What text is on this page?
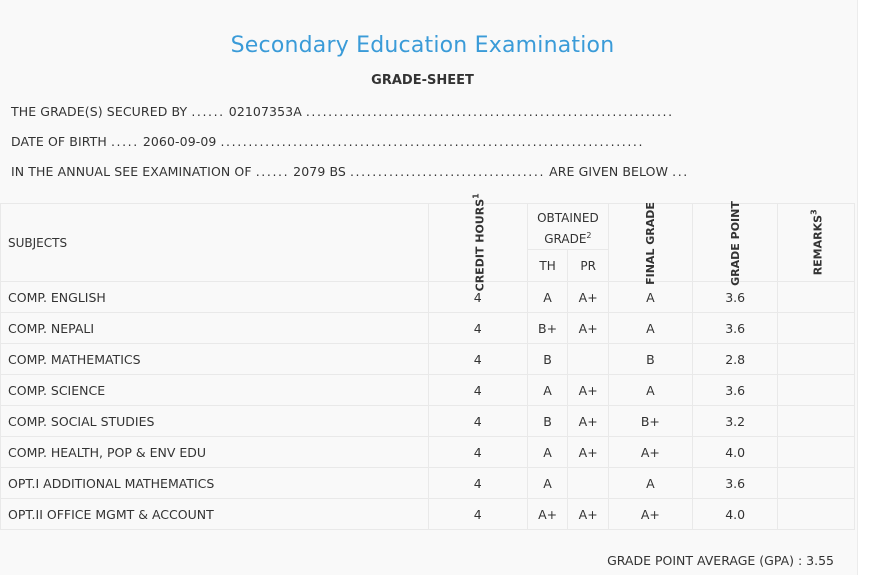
Secondary Education Examination
GRADE-SHEET
THE GRADE(S) SECURED BY ...... 02107353A ..................................................................
DATE OF BIRTH ..... 2060-09-09 ............................................................................
IN THE ANNUAL SEE EXAMINATION OF ...... 2079 BS ................................... ARE GIVEN BELOW ...
SUBJECTS	CREDIT HOURS$^1$	OBTAINED GRADE$^2$		FINAL GRADE	GRADE POINT	REMARKS$^3$
		TH	PR			
COMP. ENGLISH	4	A	A+	A	3.6	
COMP. NEPALI	4	B+	A+	A	3.6	
COMP. MATHEMATICS	4	B		B	2.8	
COMP. SCIENCE	4	A	A+	A	3.6	
COMP. SOCIAL STUDIES	4	B	A+	B+	3.2	
COMP. HEALTH, POP & ENV EDU	4	A	A+	A+	4.0	
OPT.I ADDITIONAL MATHEMATICS	4	A		A	3.6	
OPT.II OFFICE MGMT & ACCOUNT	4	A+	A+	A+	4.0	
GRADE POINT AVERAGE (GPA) : 3.55
